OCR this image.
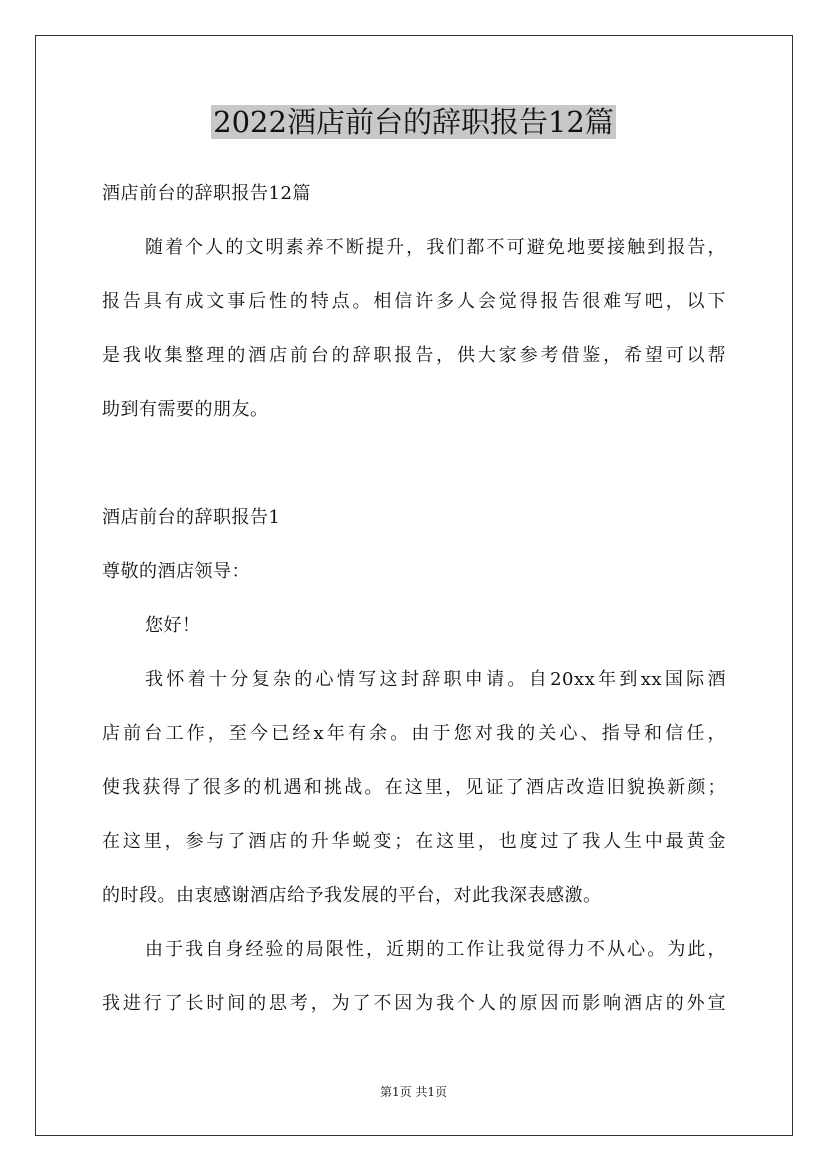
2022酒店前台的辞职报告12篇
酒店前台的辞职报告12篇
随着个人的文明素养不断提升，我们都不可避免地要接触到报告，
报告具有成文事后性的特点。相信许多人会觉得报告很难写吧，以下
是我收集整理的酒店前台的辞职报告，供大家参考借鉴，希望可以帮
助到有需要的朋友。
酒店前台的辞职报告1
尊敬的酒店领导：
您好！
我怀着十分复杂的心情写这封辞职申请。自20xx年到xx国际酒
店前台工作，至今已经x年有余。由于您对我的关心、指导和信任，
使我获得了很多的机遇和挑战。在这里，见证了酒店改造旧貌换新颜；
在这里，参与了酒店的升华蜕变；在这里，也度过了我人生中最黄金
的时段。由衷感谢酒店给予我发展的平台，对此我深表感激。
由于我自身经验的局限性，近期的工作让我觉得力不从心。为此，
我进行了长时间的思考，为了不因为我个人的原因而影响酒店的外宣
第1页 共1页
